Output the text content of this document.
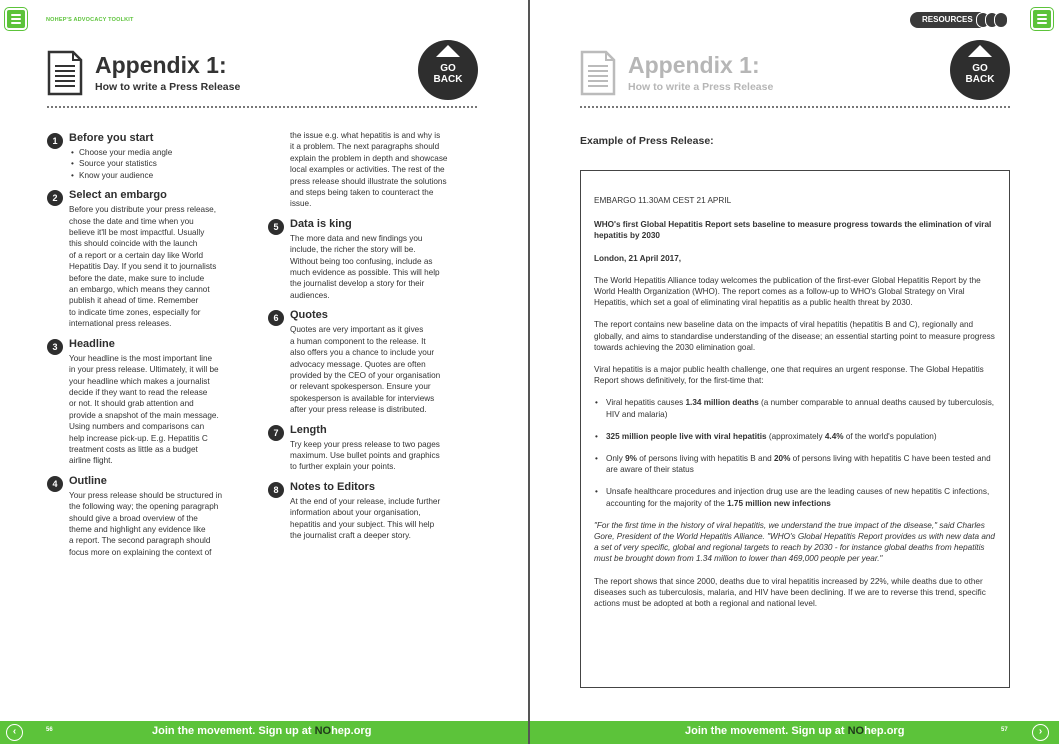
NOHEP'S ADVOCACY TOOLKIT
Appendix 1:
How to write a Press Release
GO
BACK
1	Before you start
• Choose your media angle
• Source your statistics
• Know your audience
2	Select an embargo
Before you distribute your press release,
chose the date and time when you
believe it'll be most impactful. Usually
this should coincide with the launch
of a report or a certain day like World
Hepatitis Day. If you send it to journalists
before the date, make sure to include
an embargo, which means they cannot
publish it ahead of time. Remember
to indicate time zones, especially for
international press releases.
3	Headline
Your headline is the most important line
in your press release. Ultimately, it will be
your headline which makes a journalist
decide if they want to read the release
or not. It should grab attention and
provide a snapshot of the main message.
Using numbers and comparisons can
help increase pick-up. E.g. Hepatitis C
treatment costs as little as a budget
airline flight.
4	Outline
Your press release should be structured in
the following way; the opening paragraph
should give a broad overview of the
theme and highlight any evidence like
a report. The second paragraph should
focus more on explaining the context of
the issue e.g. what hepatitis is and why is
it a problem. The next paragraphs should
explain the problem in depth and showcase
local examples or activities. The rest of the
press release should illustrate the solutions
and steps being taken to counteract the
issue.
5	Data is king
The more data and new findings you
include, the richer the story will be.
Without being too confusing, include as
much evidence as possible. This will help
the journalist develop a story for their
audiences.
6	Quotes
Quotes are very important as it gives
a human component to the release. It
also offers you a chance to include your
advocacy message. Quotes are often
provided by the CEO of your organisation
or relevant spokesperson. Ensure your
spokesperson is available for interviews
after your press release is distributed.
7	Length
Try keep your press release to two pages
maximum. Use bullet points and graphics
to further explain your points.
8	Notes to Editors
At the end of your release, include further
information about your organisation,
hepatitis and your subject. This will help
the journalist craft a deeper story.
‹	56	Join the movement. Sign up at NOhep.org
RESOURCES
Appendix 1:
How to write a Press Release
GO
BACK
Example of Press Release:

EMBARGO 11.30AM CEST 21 APRIL

WHO's first Global Hepatitis Report sets baseline to measure progress towards the elimination of viral hepatitis by 2030

London, 21 April 2017,

The World Hepatitis Alliance today welcomes the publication of the first-ever Global Hepatitis Report by the World Health Organization (WHO). The report comes as a follow-up to WHO's Global Strategy on Viral Hepatitis, which set a goal of eliminating viral hepatitis as a public health threat by 2030.

The report contains new baseline data on the impacts of viral hepatitis (hepatitis B and C), regionally and globally, and aims to standardise understanding of the disease; an essential starting point to measure progress towards achieving the 2030 elimination goal.

Viral hepatitis is a major public health challenge, one that requires an urgent response. The Global Hepatitis Report shows definitively, for the first-time that:

• Viral hepatitis causes 1.34 million deaths (a number comparable to annual deaths caused by tuberculosis, HIV and malaria)
• 325 million people live with viral hepatitis (approximately 4.4% of the world's population)
• Only 9% of persons living with hepatitis B and 20% of persons living with hepatitis C have been tested and are aware of their status
• Unsafe healthcare procedures and injection drug use are the leading causes of new hepatitis C infections, accounting for the majority of the 1.75 million new infections

"For the first time in the history of viral hepatitis, we understand the true impact of the disease," said Charles Gore, President of the World Hepatitis Alliance. "WHO's Global Hepatitis Report provides us with new data and a set of very specific, global and regional targets to reach by 2030 - for instance global deaths from hepatitis must be brought down from 1.34 million to lower than 469,000 people per year."

The report shows that since 2000, deaths due to viral hepatitis increased by 22%, while deaths due to other diseases such as tuberculosis, malaria, and HIV have been declining. If we are to reverse this trend, specific actions must be adopted at both a regional and national level.

Join the movement. Sign up at NOhep.org	57	›
